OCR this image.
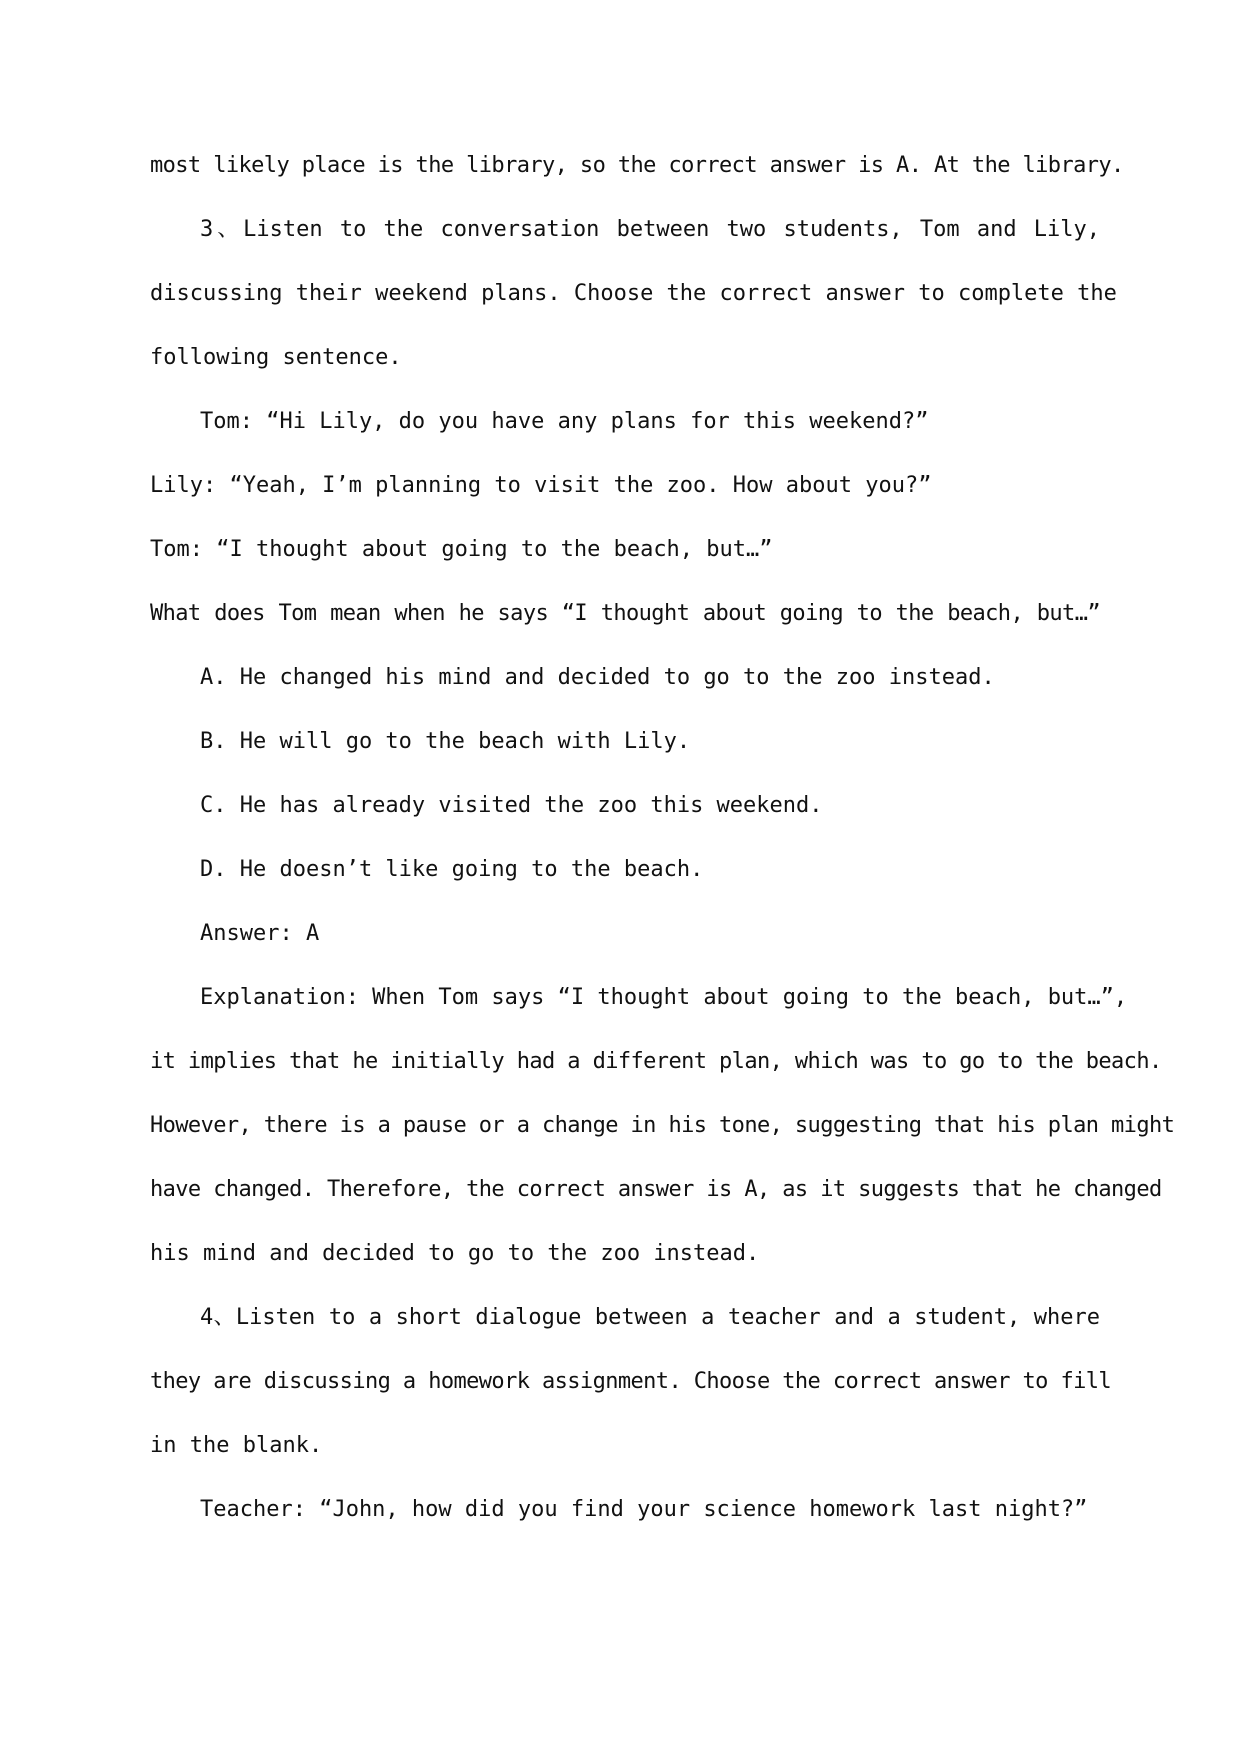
most likely place is the library, so the correct answer is A. At the library.
3、Listen to the conversation between two students, Tom and Lily,
discussing their weekend plans. Choose the correct answer to complete the
following sentence.
Tom: “Hi Lily, do you have any plans for this weekend?”
Lily: “Yeah, I’m planning to visit the zoo. How about you?”
Tom: “I thought about going to the beach, but…”
What does Tom mean when he says “I thought about going to the beach, but…”
A. He changed his mind and decided to go to the zoo instead.
B. He will go to the beach with Lily.
C. He has already visited the zoo this weekend.
D. He doesn’t like going to the beach.
Answer: A
Explanation: When Tom says “I thought about going to the beach, but…”,
it implies that he initially had a different plan, which was to go to the beach.
However, there is a pause or a change in his tone, suggesting that his plan might
have changed. Therefore, the correct answer is A, as it suggests that he changed
his mind and decided to go to the zoo instead.
4、Listen to a short dialogue between a teacher and a student, where
they are discussing a homework assignment. Choose the correct answer to fill
in the blank.
Teacher: “John, how did you find your science homework last night?”
